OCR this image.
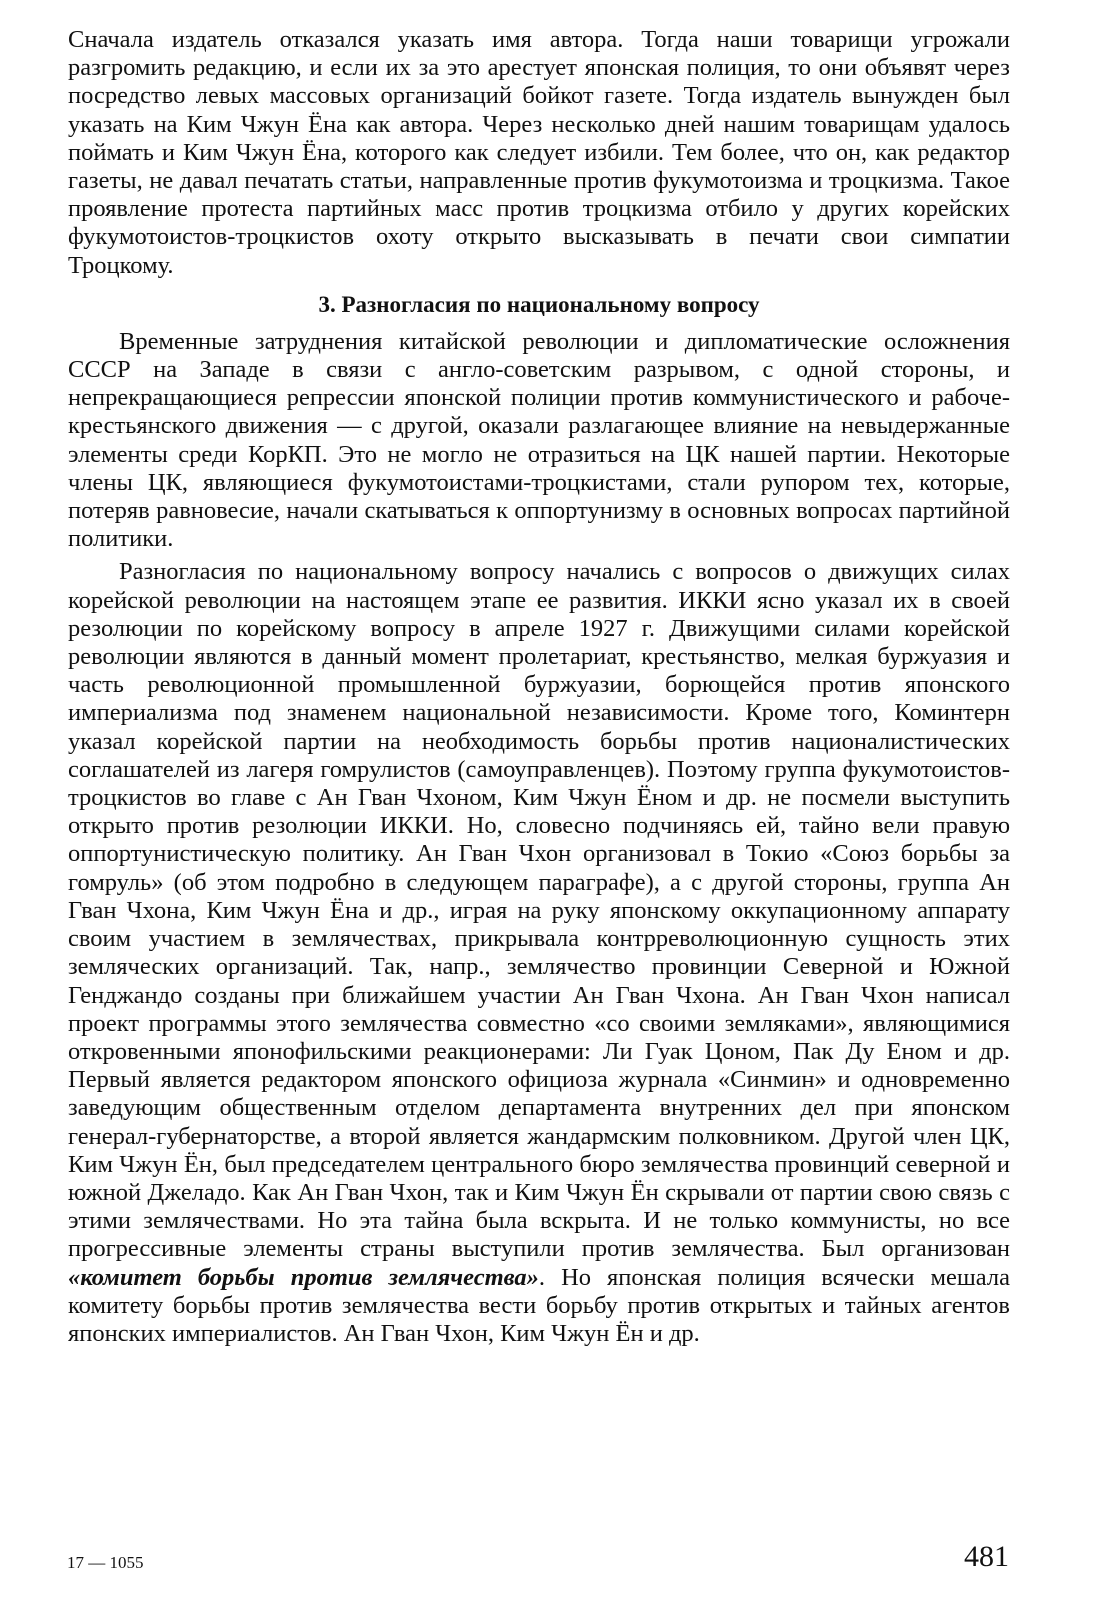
Сначала издатель отказался указать имя автора. Тогда наши товарищи угрожали разгромить редакцию, и если их за это арестует японская полиция, то они объявят через посредство левых массовых организаций бойкот газете. Тогда издатель вынужден был указать на Ким Чжун Ёна как автора. Через несколько дней нашим товарищам удалось поймать и Ким Чжун Ёна, которого как следует избили. Тем более, что он, как редактор газеты, не давал печатать статьи, направленные против фукумотоизма и троцкизма. Такое проявление протеста партийных масс против троцкизма отбило у других корейских фукумотоистов-троцкистов охоту открыто высказывать в печати свои симпатии Троцкому.

3. Разногласия по национальному вопросу

Временные затруднения китайской революции и дипломатические осложнения СССР на Западе в связи с англо-советским разрывом, с одной стороны, и непрекращающиеся репрессии японской полиции против коммунистического и рабоче-крестьянского движения — с другой, оказали разлагающее влияние на невыдержанные элементы среди КорКП. Это не могло не отразиться на ЦК нашей партии. Некоторые члены ЦК, являющиеся фукумотоистами-троцкистами, стали рупором тех, которые, потеряв равновесие, начали скатываться к оппортунизму в основных вопросах партийной политики.

Разногласия по национальному вопросу начались с вопросов о движущих силах корейской революции на настоящем этапе ее развития. ИККИ ясно указал их в своей резолюции по корейскому вопросу в апреле 1927 г. Движущими силами корейской революции являются в данный момент пролетариат, крестьянство, мелкая буржуазия и часть революционной промышленной буржуазии, борющейся против японского империализма под знаменем национальной независимости. Кроме того, Коминтерн указал корейской партии на необходимость борьбы против националистических соглашателей из лагеря гомрулистов (самоуправленцев). Поэтому группа фукумотоистов-троцкистов во главе с Ан Гван Чхоном, Ким Чжун Ёном и др. не посмели выступить открыто против резолюции ИККИ. Но, словесно подчиняясь ей, тайно вели правую оппортунистическую политику. Ан Гван Чхон организовал в Токио «Союз борьбы за гомруль» (об этом подробно в следующем параграфе), а с другой стороны, группа Ан Гван Чхона, Ким Чжун Ёна и др., играя на руку японскому оккупационному аппарату своим участием в землячествах, прикрывала контрреволюционную сущность этих земляческих организаций. Так, напр., землячество провинции Северной и Южной Генджандо созданы при ближайшем участии Ан Гван Чхона. Ан Гван Чхон написал проект программы этого землячества совместно «со своими земляками», являющимися откровенными японофильскими реакционерами: Ли Гуак Цоном, Пак Ду Еном и др. Первый является редактором японского официоза журнала «Синмин» и одновременно заведующим общественным отделом департамента внутренних дел при японском генерал-губернаторстве, а второй является жандармским полковником. Другой член ЦК, Ким Чжун Ён, был председателем центрального бюро землячества провинций северной и южной Джеладо. Как Ан Гван Чхон, так и Ким Чжун Ён скрывали от партии свою связь с этими землячествами. Но эта тайна была вскрыта. И не только коммунисты, но все прогрессивные элементы страны выступили против землячества. Был организован «комитет борьбы против землячества». Но японская полиция всячески мешала комитету борьбы против землячества вести борьбу против открытых и тайных агентов японских империалистов. Ан Гван Чхон, Ким Чжун Ён и др.

17 — 1055	481
